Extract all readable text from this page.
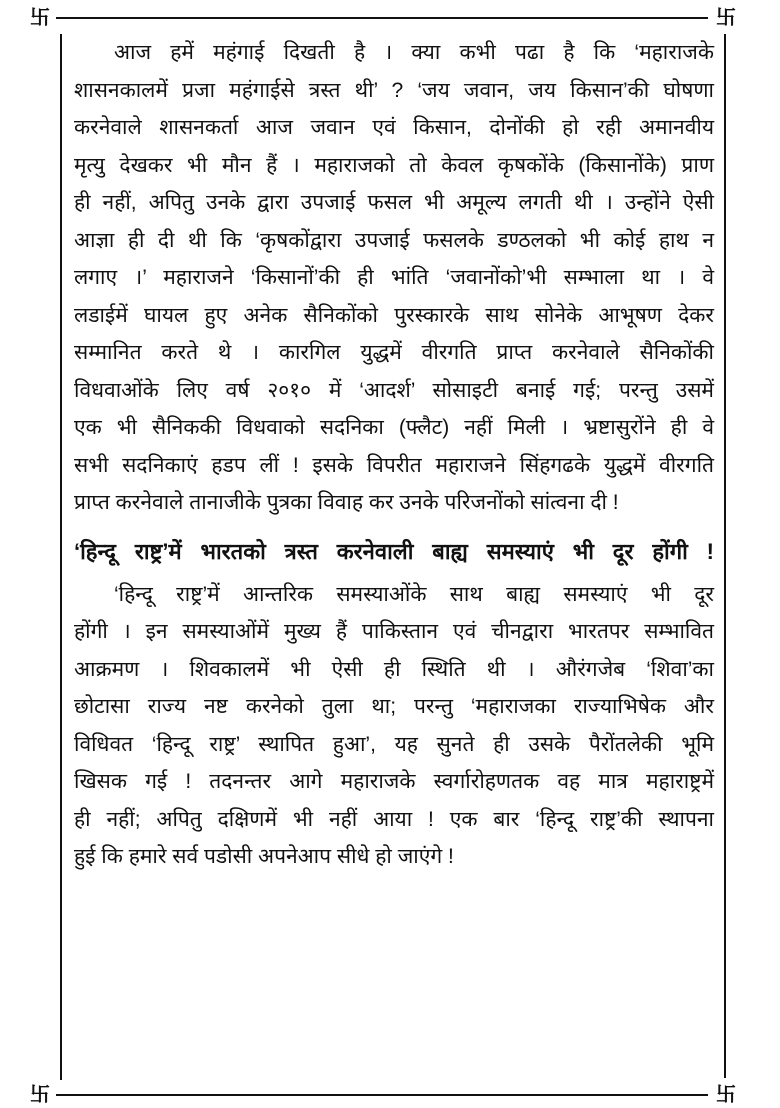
卐	卐
卐	卐
आज हमें महंगाई दिखती है । क्या कभी पढा है कि ‘महाराजके
शासनकालमें प्रजा महंगाईसे त्रस्त थी’ ? ‘जय जवान, जय किसान’की घोषणा
करनेवाले शासनकर्ता आज जवान एवं किसान, दोनोंकी हो रही अमानवीय
मृत्यु देखकर भी मौन हैं । महाराजको तो केवल कृषकोंके (किसानोंके) प्राण
ही नहीं, अपितु उनके द्वारा उपजाई फसल भी अमूल्य लगती थी । उन्होंने ऐसी
आज्ञा ही दी थी कि ‘कृषकोंद्वारा उपजाई फसलके डण्ठलको भी कोई हाथ न
लगाए ।’ महाराजने ‘किसानों’की ही भांति ‘जवानोंको’भी सम्भाला था । वे
लडाईमें घायल हुए अनेक सैनिकोंको पुरस्कारके साथ सोनेके आभूषण देकर
सम्मानित करते थे । कारगिल युद्धमें वीरगति प्राप्त करनेवाले सैनिकोंकी
विधवाओंके लिए वर्ष २०१० में ‘आदर्श’ सोसाइटी बनाई गई; परन्तु उसमें
एक भी सैनिककी विधवाको सदनिका (फ्लैट) नहीं मिली । भ्रष्टासुरोंने ही वे
सभी सदनिकाएं हडप लीं ! इसके विपरीत महाराजने सिंहगढके युद्धमें वीरगति
प्राप्त करनेवाले तानाजीके पुत्रका विवाह कर उनके परिजनोंको सांत्वना दी !
‘हिन्दू राष्ट्र’में भारतको त्रस्त करनेवाली बाह्य समस्याएं भी दूर होंगी !
‘हिन्दू राष्ट्र’में आन्तरिक समस्याओंके साथ बाह्य समस्याएं भी दूर
होंगी । इन समस्याओंमें मुख्य हैं पाकिस्तान एवं चीनद्वारा भारतपर सम्भावित
आक्रमण । शिवकालमें भी ऐसी ही स्थिति थी । औरंगजेब ‘शिवा’का
छोटासा राज्य नष्ट करनेको तुला था; परन्तु ‘महाराजका राज्याभिषेक और
विधिवत ‘हिन्दू राष्ट्र’ स्थापित हुआ’, यह सुनते ही उसके पैरोंतलेकी भूमि
खिसक गई ! तदनन्तर आगे महाराजके स्वर्गारोहणतक वह मात्र महाराष्ट्रमें
ही नहीं; अपितु दक्षिणमें भी नहीं आया ! एक बार ‘हिन्दू राष्ट्र’की स्थापना
हुई कि हमारे सर्व पडोसी अपनेआप सीधे हो जाएंगे !
